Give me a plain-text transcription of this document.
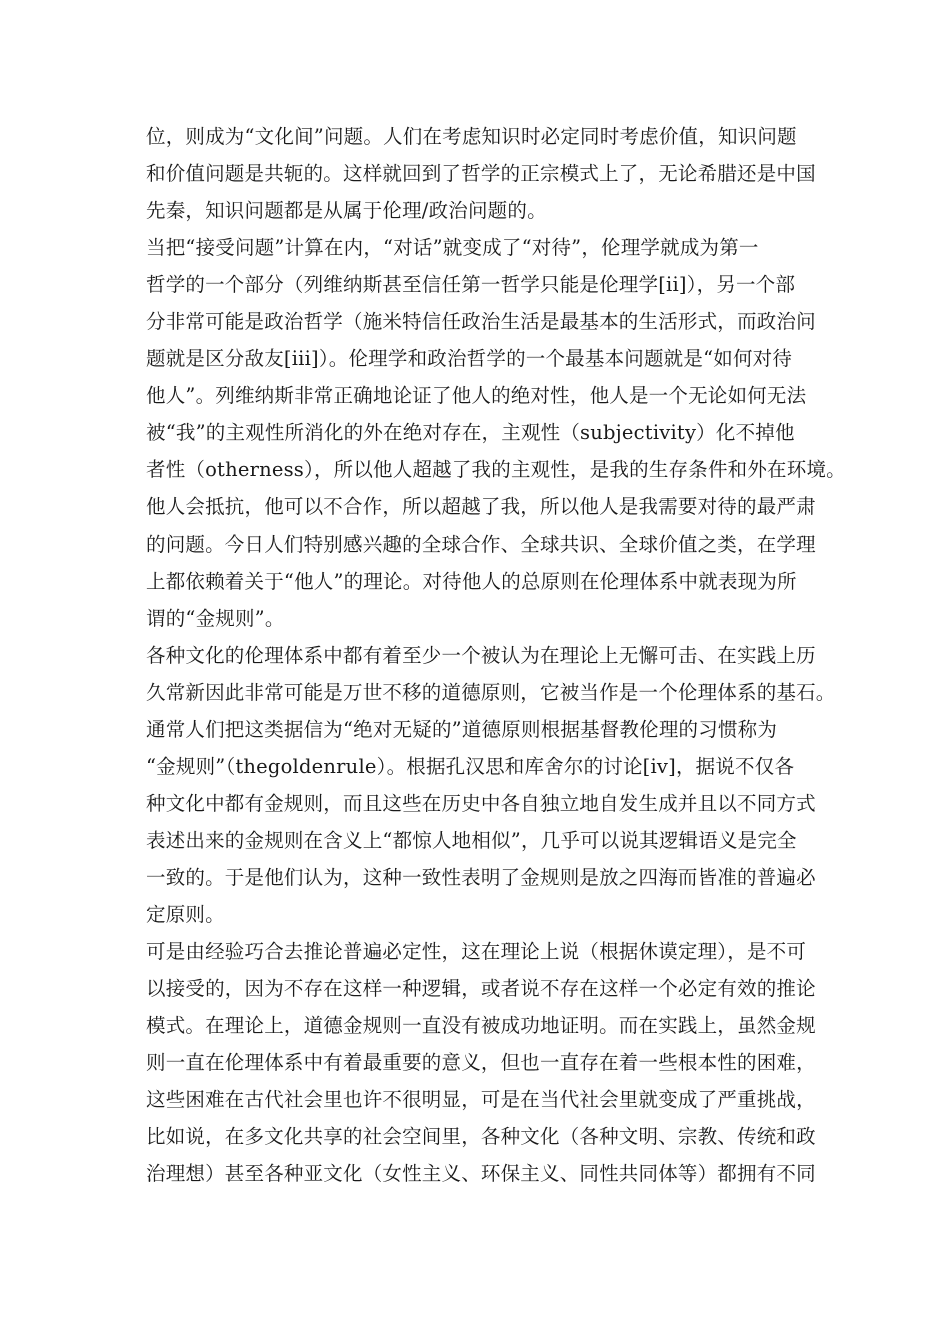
位，则成为“文化间”问题。人们在考虑知识时必定同时考虑价值，知识问题
和价值问题是共轭的。这样就回到了哲学的正宗模式上了，无论希腊还是中国
先秦，知识问题都是从属于伦理/政治问题的。
当把“接受问题”计算在内，“对话”就变成了“对待”，伦理学就成为第一
哲学的一个部分（列维纳斯甚至信任第一哲学只能是伦理学[ii]），另一个部
分非常可能是政治哲学（施米特信任政治生活是最基本的生活形式，而政治问
题就是区分敌友[iii]）。伦理学和政治哲学的一个最基本问题就是“如何对待
他人”。列维纳斯非常正确地论证了他人的绝对性，他人是一个无论如何无法
被“我”的主观性所消化的外在绝对存在，主观性（subjectivity）化不掉他
者性（otherness），所以他人超越了我的主观性，是我的生存条件和外在环境。
他人会抵抗，他可以不合作，所以超越了我，所以他人是我需要对待的最严肃
的问题。今日人们特别感兴趣的全球合作、全球共识、全球价值之类，在学理
上都依赖着关于“他人”的理论。对待他人的总原则在伦理体系中就表现为所
谓的“金规则”。
各种文化的伦理体系中都有着至少一个被认为在理论上无懈可击、在实践上历
久常新因此非常可能是万世不移的道德原则，它被当作是一个伦理体系的基石。
通常人们把这类据信为“绝对无疑的”道德原则根据基督教伦理的习惯称为
“金规则”（thegoldenrule）。根据孔汉思和库舍尔的讨论[iv]，据说不仅各
种文化中都有金规则，而且这些在历史中各自独立地自发生成并且以不同方式
表述出来的金规则在含义上“都惊人地相似”，几乎可以说其逻辑语义是完全
一致的。于是他们认为，这种一致性表明了金规则是放之四海而皆准的普遍必
定原则。
可是由经验巧合去推论普遍必定性，这在理论上说（根据休谟定理），是不可
以接受的，因为不存在这样一种逻辑，或者说不存在这样一个必定有效的推论
模式。在理论上，道德金规则一直没有被成功地证明。而在实践上，虽然金规
则一直在伦理体系中有着最重要的意义，但也一直存在着一些根本性的困难，
这些困难在古代社会里也许不很明显，可是在当代社会里就变成了严重挑战，
比如说，在多文化共享的社会空间里，各种文化（各种文明、宗教、传统和政
治理想）甚至各种亚文化（女性主义、环保主义、同性共同体等）都拥有不同
